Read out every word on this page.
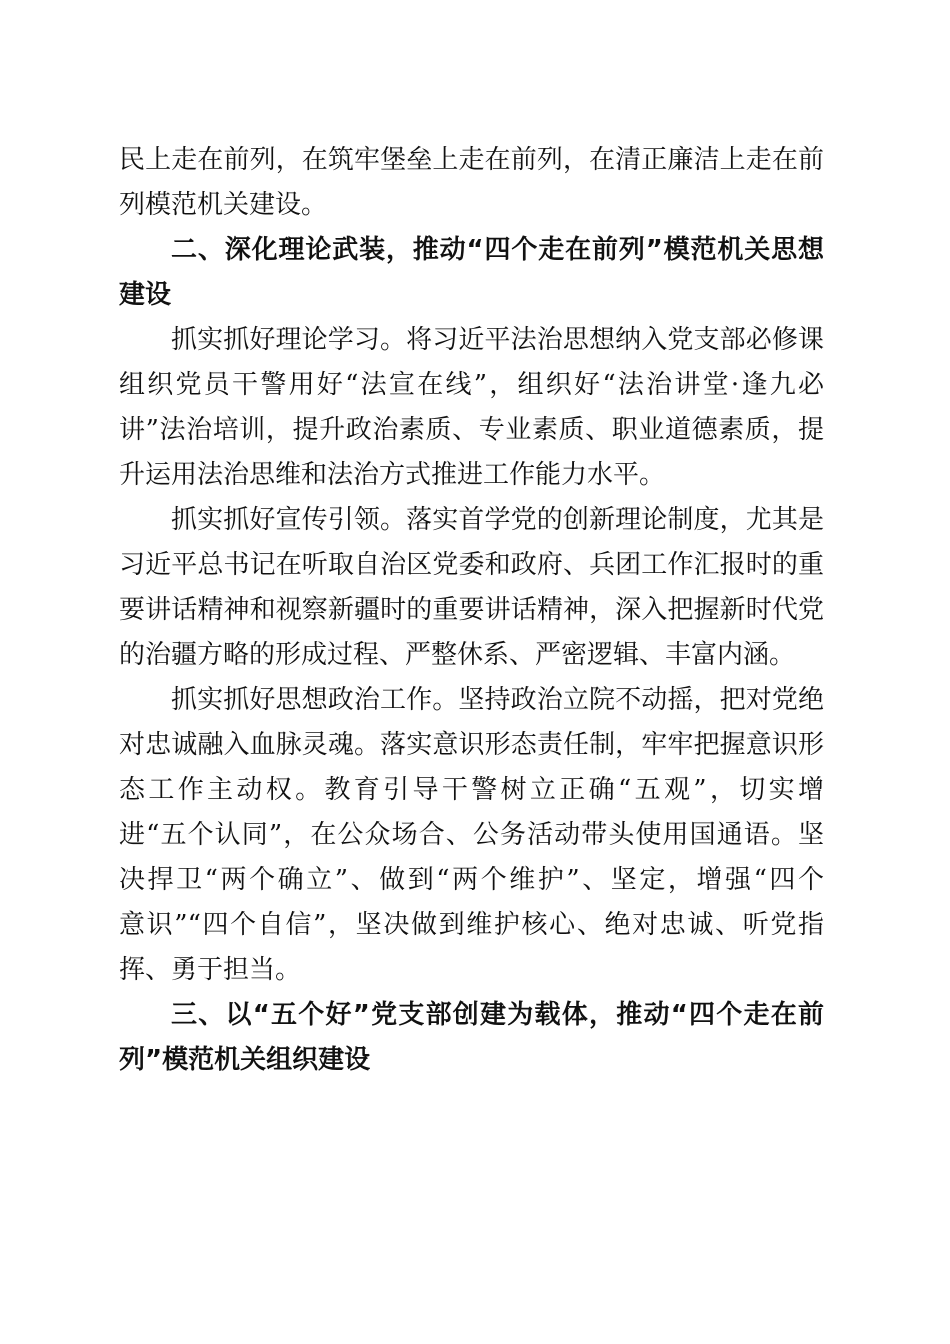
民上走在前列，在筑牢堡垒上走在前列，在清正廉洁上走在前
列模范机关建设。
二、深化理论武装，推动“四个走在前列”模范机关思想
建设
抓实抓好理论学习。将习近平法治思想纳入党支部必修课
组织党员干警用好“法宣在线”，组织好“法治讲堂·逢九必
讲”法治培训，提升政治素质、专业素质、职业道德素质，提
升运用法治思维和法治方式推进工作能力水平。
抓实抓好宣传引领。落实首学党的创新理论制度，尤其是
习近平总书记在听取自治区党委和政府、兵团工作汇报时的重
要讲话精神和视察新疆时的重要讲话精神，深入把握新时代党
的治疆方略的形成过程、严整休系、严密逻辑、丰富内涵。
抓实抓好思想政治工作。坚持政治立院不动摇，把对党绝
对忠诚融入血脉灵魂。落实意识形态责任制，牢牢把握意识形
态工作主动权。教育引导干警树立正确“五观”，切实增
进“五个认同”，在公众场合、公务活动带头使用国通语。坚
决捍卫“两个确立”、做到“两个维护”、坚定，增强“四个
意识”“四个自信”，坚决做到维护核心、绝对忠诚、听党指
挥、勇于担当。
三、以“五个好”党支部创建为载体，推动“四个走在前
列”模范机关组织建设
